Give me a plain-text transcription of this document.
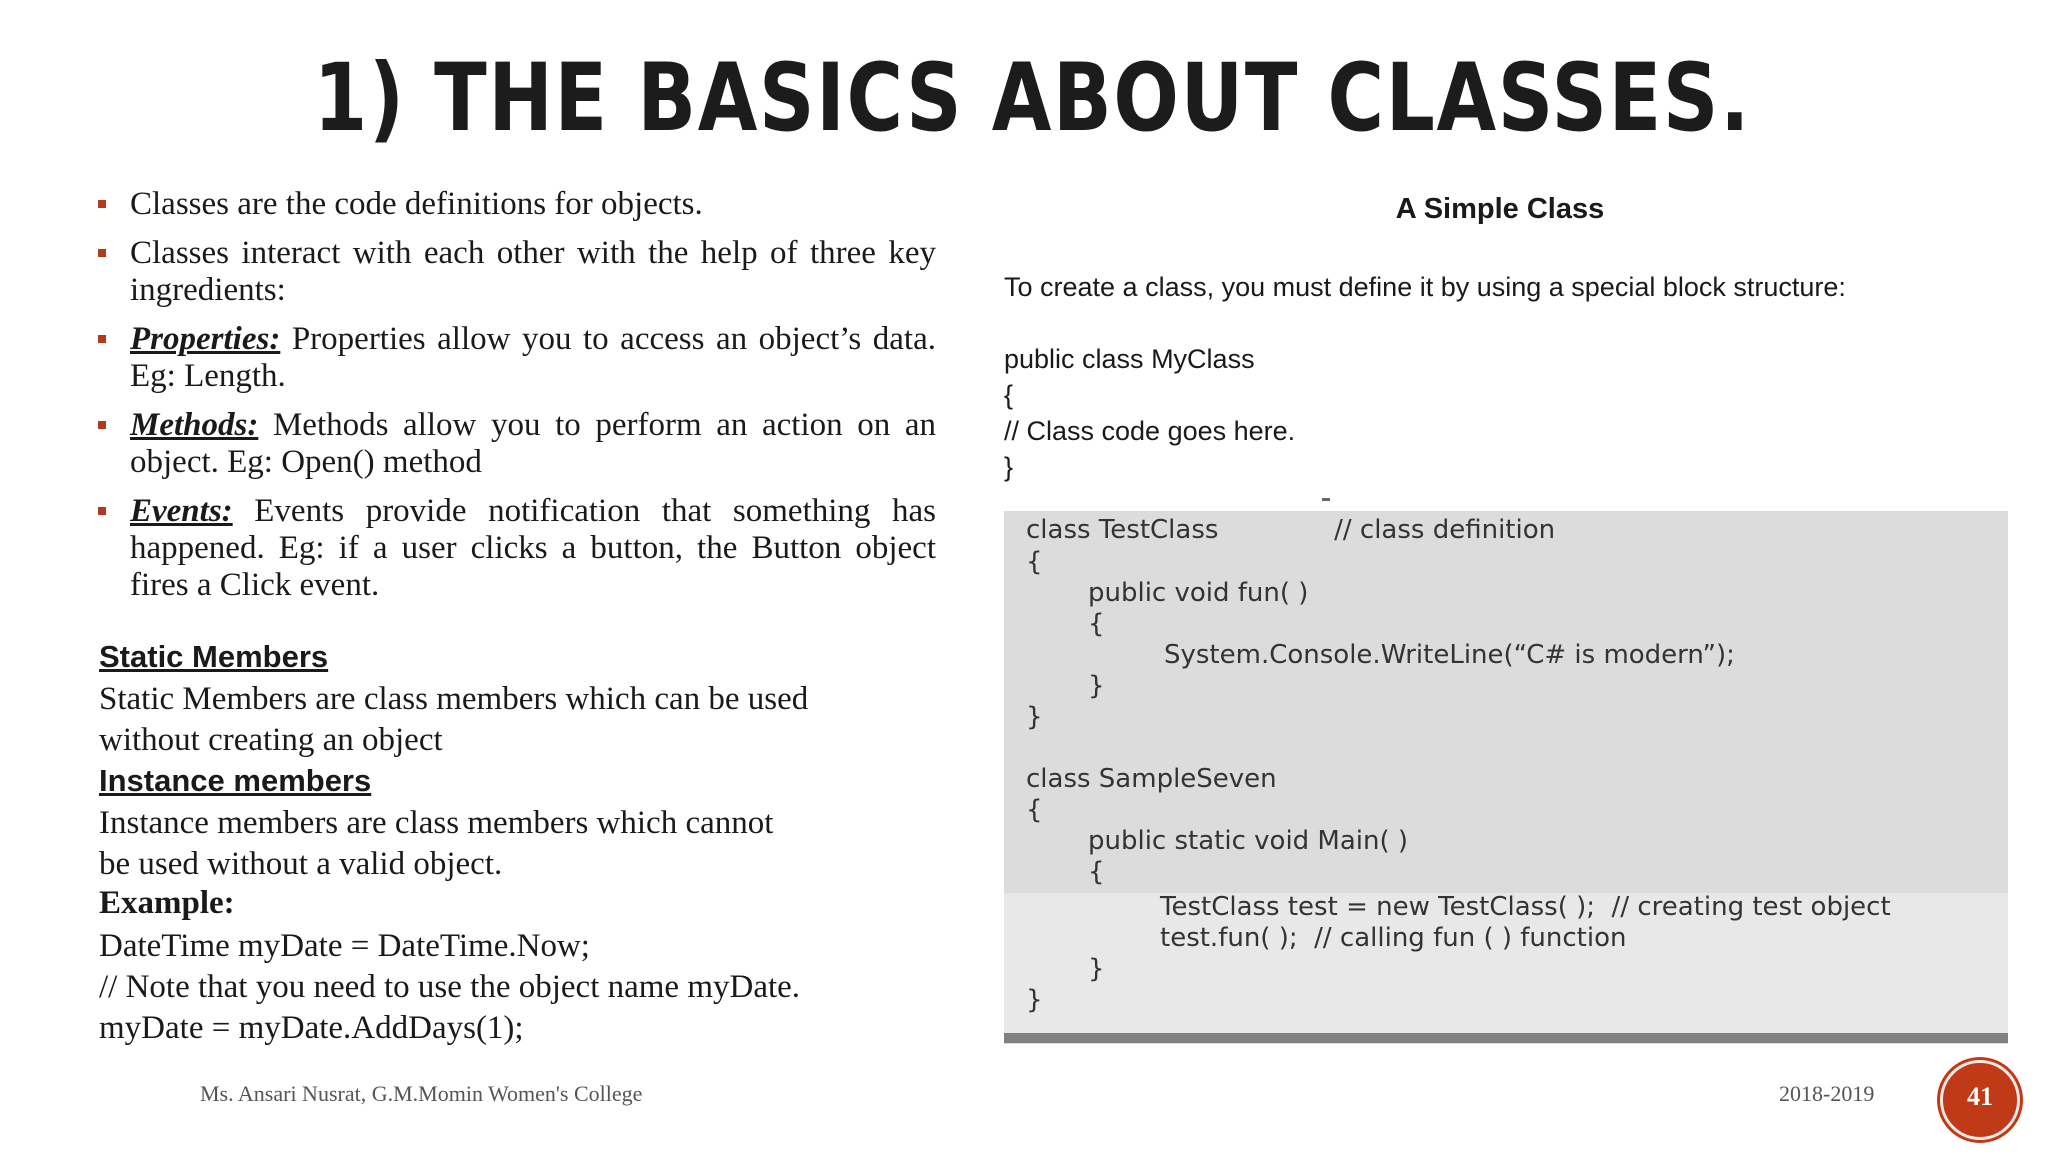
1) THE BASICS ABOUT CLASSES.
Classes are the code definitions for objects.
Classes interact with each other with the help of three key ingredients:
Properties: Properties allow you to access an object’s data. Eg: Length.
Methods: Methods allow you to perform an action on an object. Eg: Open() method
Events: Events provide notification that something has happened. Eg: if a user clicks a button, the Button object fires a Click event.
Static Members
Static Members are class members which can be used
without creating an object
Instance members
Instance members are class members which cannot
be used without a valid object.
Example:
DateTime myDate = DateTime.Now;
// Note that you need to use the object name myDate.
myDate = myDate.AddDays(1);
A Simple Class
To create a class, you must define it by using a special block structure:
public class MyClass
{
// Class code goes here.
}
class TestClass              // class definition
{
public void fun( )
{
System.Console.WriteLine(“C# is modern”);
}
}
class SampleSeven
{
public static void Main( )
{
TestClass test = new TestClass( );  // creating test object
test.fun( );  // calling fun ( ) function
}
}
Ms. Ansari Nusrat, G.M.Momin Women's College	2018-2019	41
